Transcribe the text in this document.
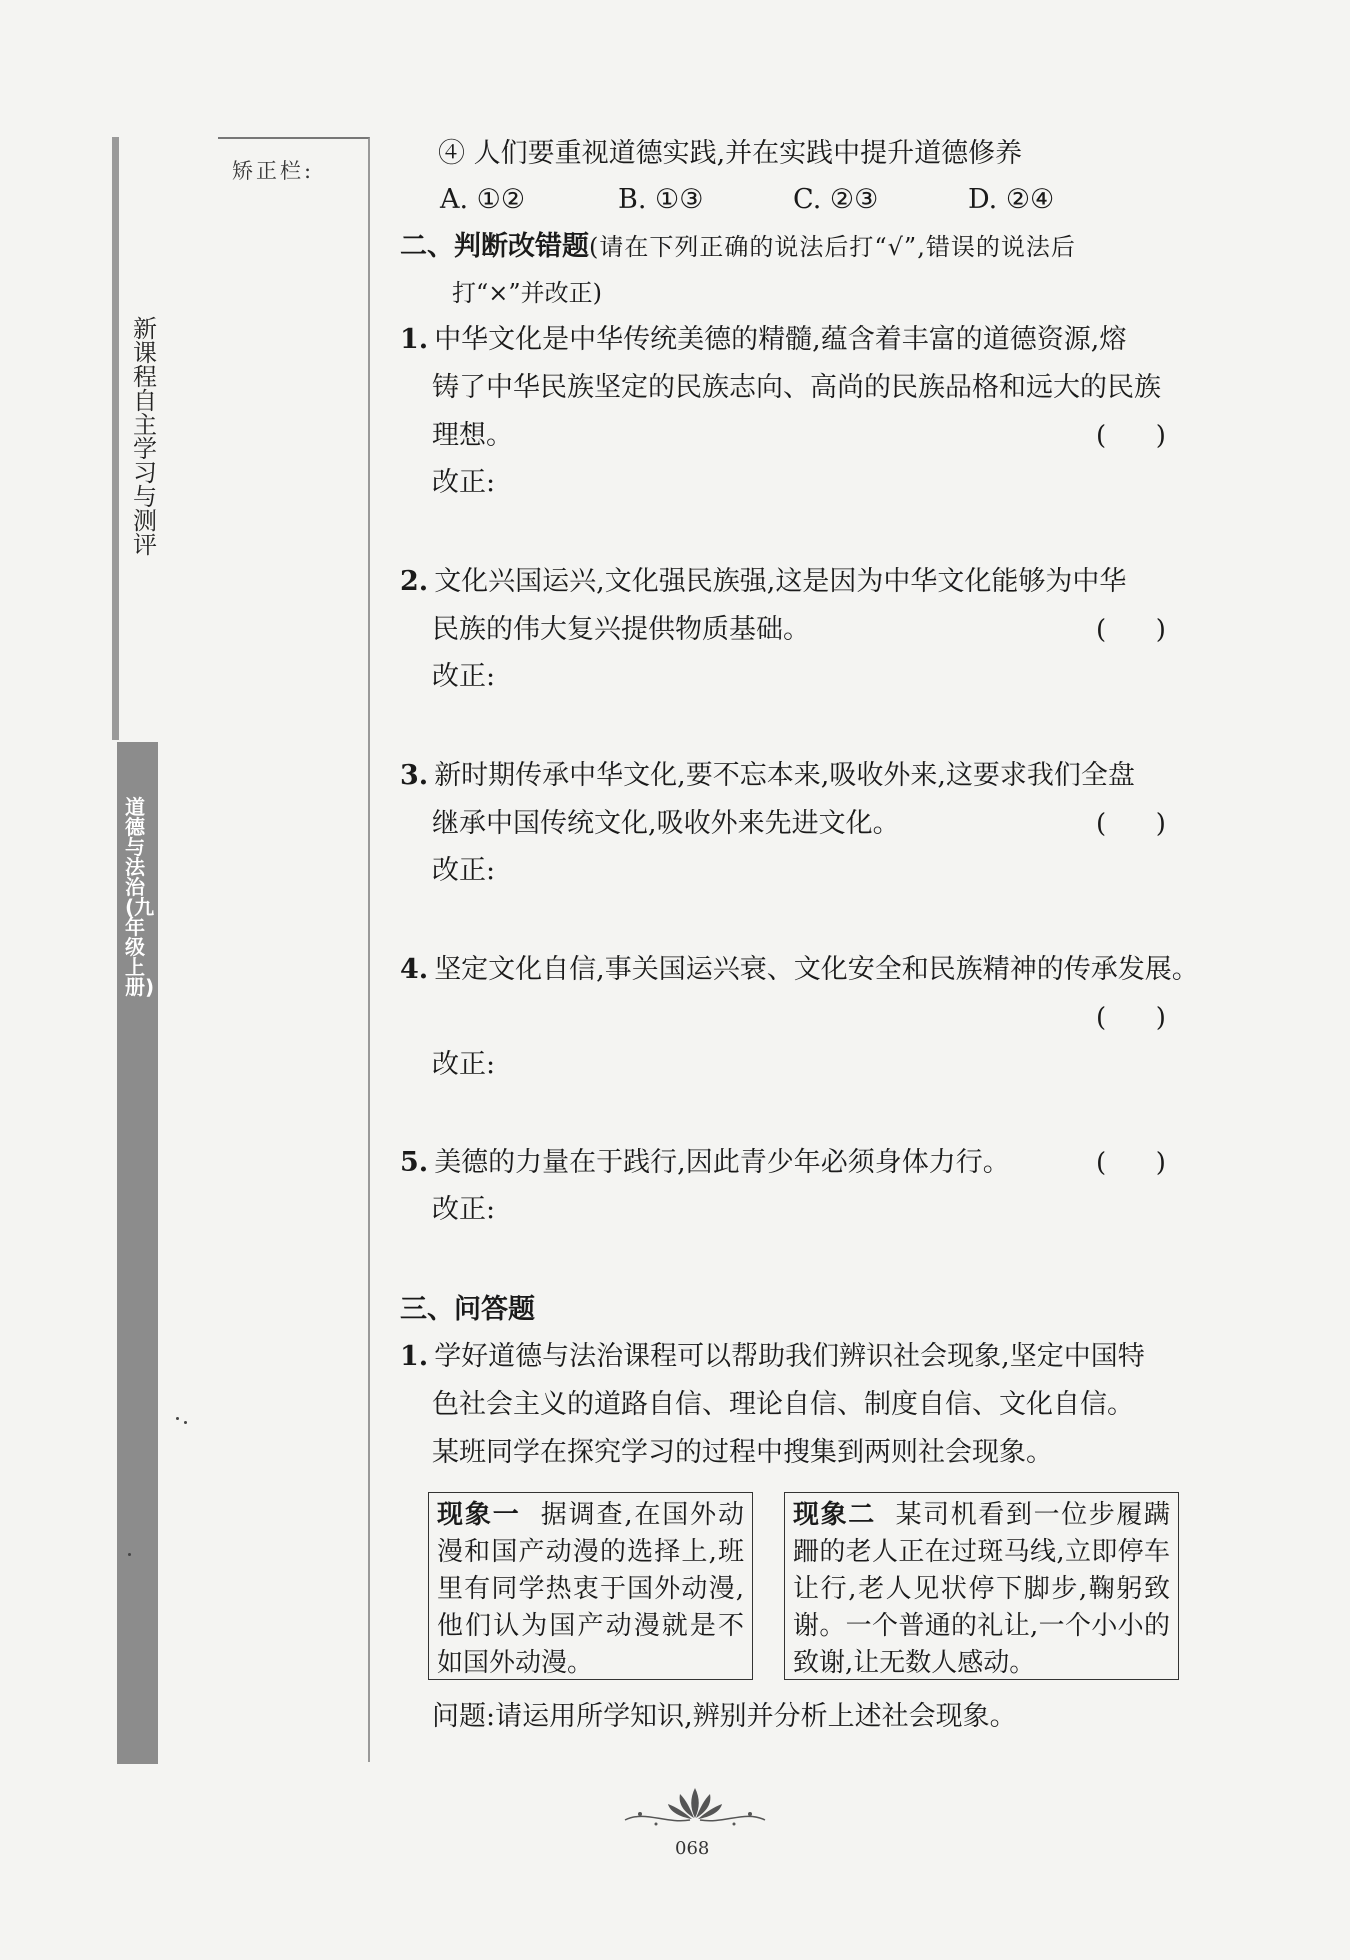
新课程自主学习与测评
道德与法治(九年级上册)
矫正栏:
④ 人们要重视道德实践,并在实践中提升道德修养
A. ①②	B. ①③	C. ②③	D. ②④
二、判断改错题(请在下列正确的说法后打“√”,错误的说法后
打“×”并改正)
1. 中华文化是中华传统美德的精髓,蕴含着丰富的道德资源,熔
铸了中华民族坚定的民族志向、高尚的民族品格和远大的民族
理想。	(      )
改正:
2. 文化兴国运兴,文化强民族强,这是因为中华文化能够为中华
民族的伟大复兴提供物质基础。	(      )
改正:
3. 新时期传承中华文化,要不忘本来,吸收外来,这要求我们全盘
继承中国传统文化,吸收外来先进文化。	(      )
改正:
4. 坚定文化自信,事关国运兴衰、文化安全和民族精神的传承发展。
(      )
改正:
5. 美德的力量在于践行,因此青少年必须身体力行。	(      )
改正:
三、问答题
1. 学好道德与法治课程可以帮助我们辨识社会现象,坚定中国特
色社会主义的道路自信、理论自信、制度自信、文化自信。
某班同学在探究学习的过程中搜集到两则社会现象。
现象一 据调查,在国外动漫和国产动漫的选择上,班里有同学热衷于国外动漫,他们认为国产动漫就是不如国外动漫。
现象二 某司机看到一位步履蹒跚的老人正在过斑马线,立即停车让行,老人见状停下脚步,鞠躬致谢。一个普通的礼让,一个小小的致谢,让无数人感动。
问题:请运用所学知识,辨别并分析上述社会现象。
068
